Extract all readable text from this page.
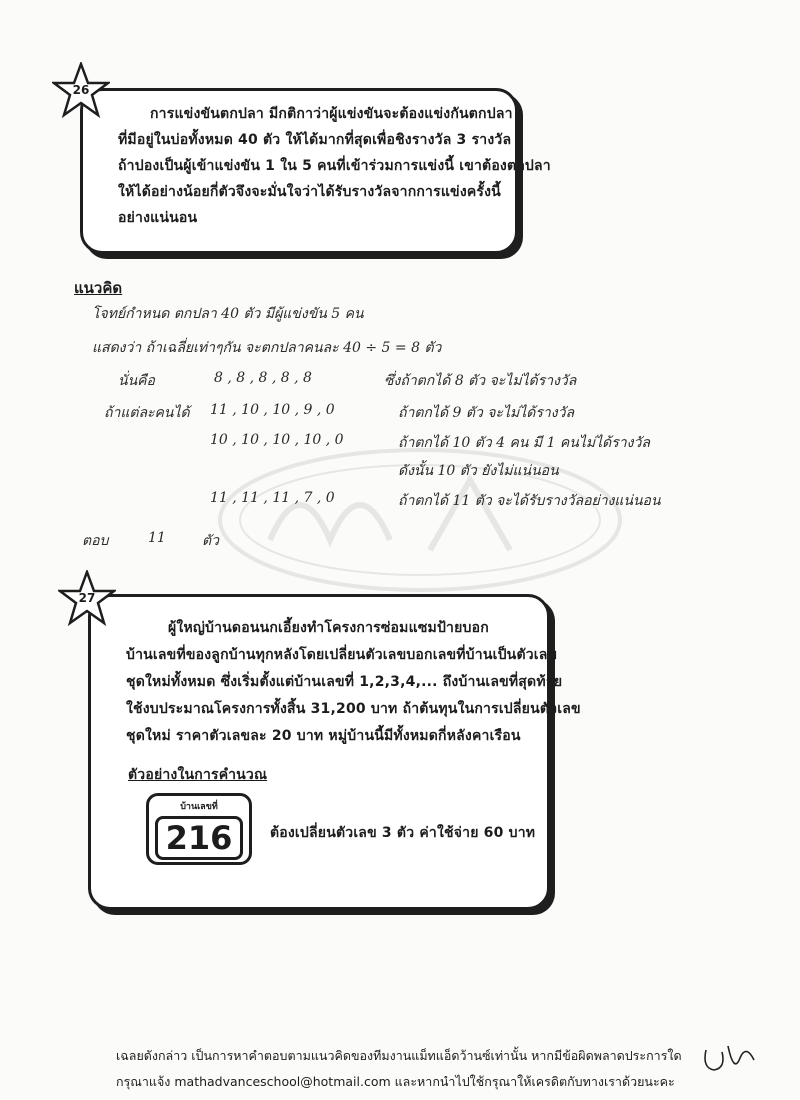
26
การแข่งขันตกปลา มีกติกาว่าผู้แข่งขันจะต้องแข่งกันตกปลา
ที่มีอยู่ในบ่อทั้งหมด 40 ตัว ให้ได้มากที่สุดเพื่อชิงรางวัล 3 รางวัล
ถ้าปองเป็นผู้เข้าแข่งขัน 1 ใน 5 คนที่เข้าร่วมการแข่งนี้ เขาต้องตกปลา
ให้ได้อย่างน้อยกี่ตัวจึงจะมั่นใจว่าได้รับรางวัลจากการแข่งครั้งนี้
อย่างแน่นอน
แนวคิด
โจทย์กำหนด ตกปลา 40 ตัว มีผู้แข่งขัน 5 คน
แสดงว่า ถ้าเฉลี่ยเท่าๆกัน จะตกปลาคนละ 40 ÷ 5 = 8 ตัว
นั่นคือ	8 , 8 , 8 , 8 , 8	ซึ่งถ้าตกได้ 8 ตัว จะไม่ได้รางวัล
ถ้าแต่ละคนได้ 11 , 10 , 10 , 9 , 0	ถ้าตกได้ 9 ตัว จะไม่ได้รางวัล
10 , 10 , 10 , 10 , 0	ถ้าตกได้ 10 ตัว 4 คน มี 1 คนไม่ได้รางวัล
ดังนั้น 10 ตัว ยังไม่แน่นอน
11 , 11 , 11 , 7 , 0	ถ้าตกได้ 11 ตัว จะได้รับรางวัลอย่างแน่นอน
ตอบ	11	ตัว
27
ผู้ใหญ่บ้านดอนนกเอี้ยงทำโครงการซ่อมแซมป้ายบอก
บ้านเลขที่ของลูกบ้านทุกหลังโดยเปลี่ยนตัวเลขบอกเลขที่บ้านเป็นตัวเลข
ชุดใหม่ทั้งหมด ซึ่งเริ่มตั้งแต่บ้านเลขที่ 1,2,3,4,... ถึงบ้านเลขที่สุดท้าย
ใช้งบประมาณโครงการทั้งสิ้น 31,200 บาท ถ้าต้นทุนในการเปลี่ยนตัวเลข
ชุดใหม่ ราคาตัวเลขละ 20 บาท หมู่บ้านนี้มีทั้งหมดกี่หลังคาเรือน
ตัวอย่างในการคำนวณ
บ้านเลขที่
216	ต้องเปลี่ยนตัวเลข 3 ตัว ค่าใช้จ่าย 60 บาท
เฉลยดังกล่าว เป็นการหาคำตอบตามแนวคิดของทีมงานแม็ทแอ็ดว้านซ์เท่านั้น หากมีข้อผิดพลาดประการใด
กรุณาแจ้ง mathadvanceschool@hotmail.com และหากนำไปใช้กรุณาให้เครดิตกับทางเราด้วยนะคะ
